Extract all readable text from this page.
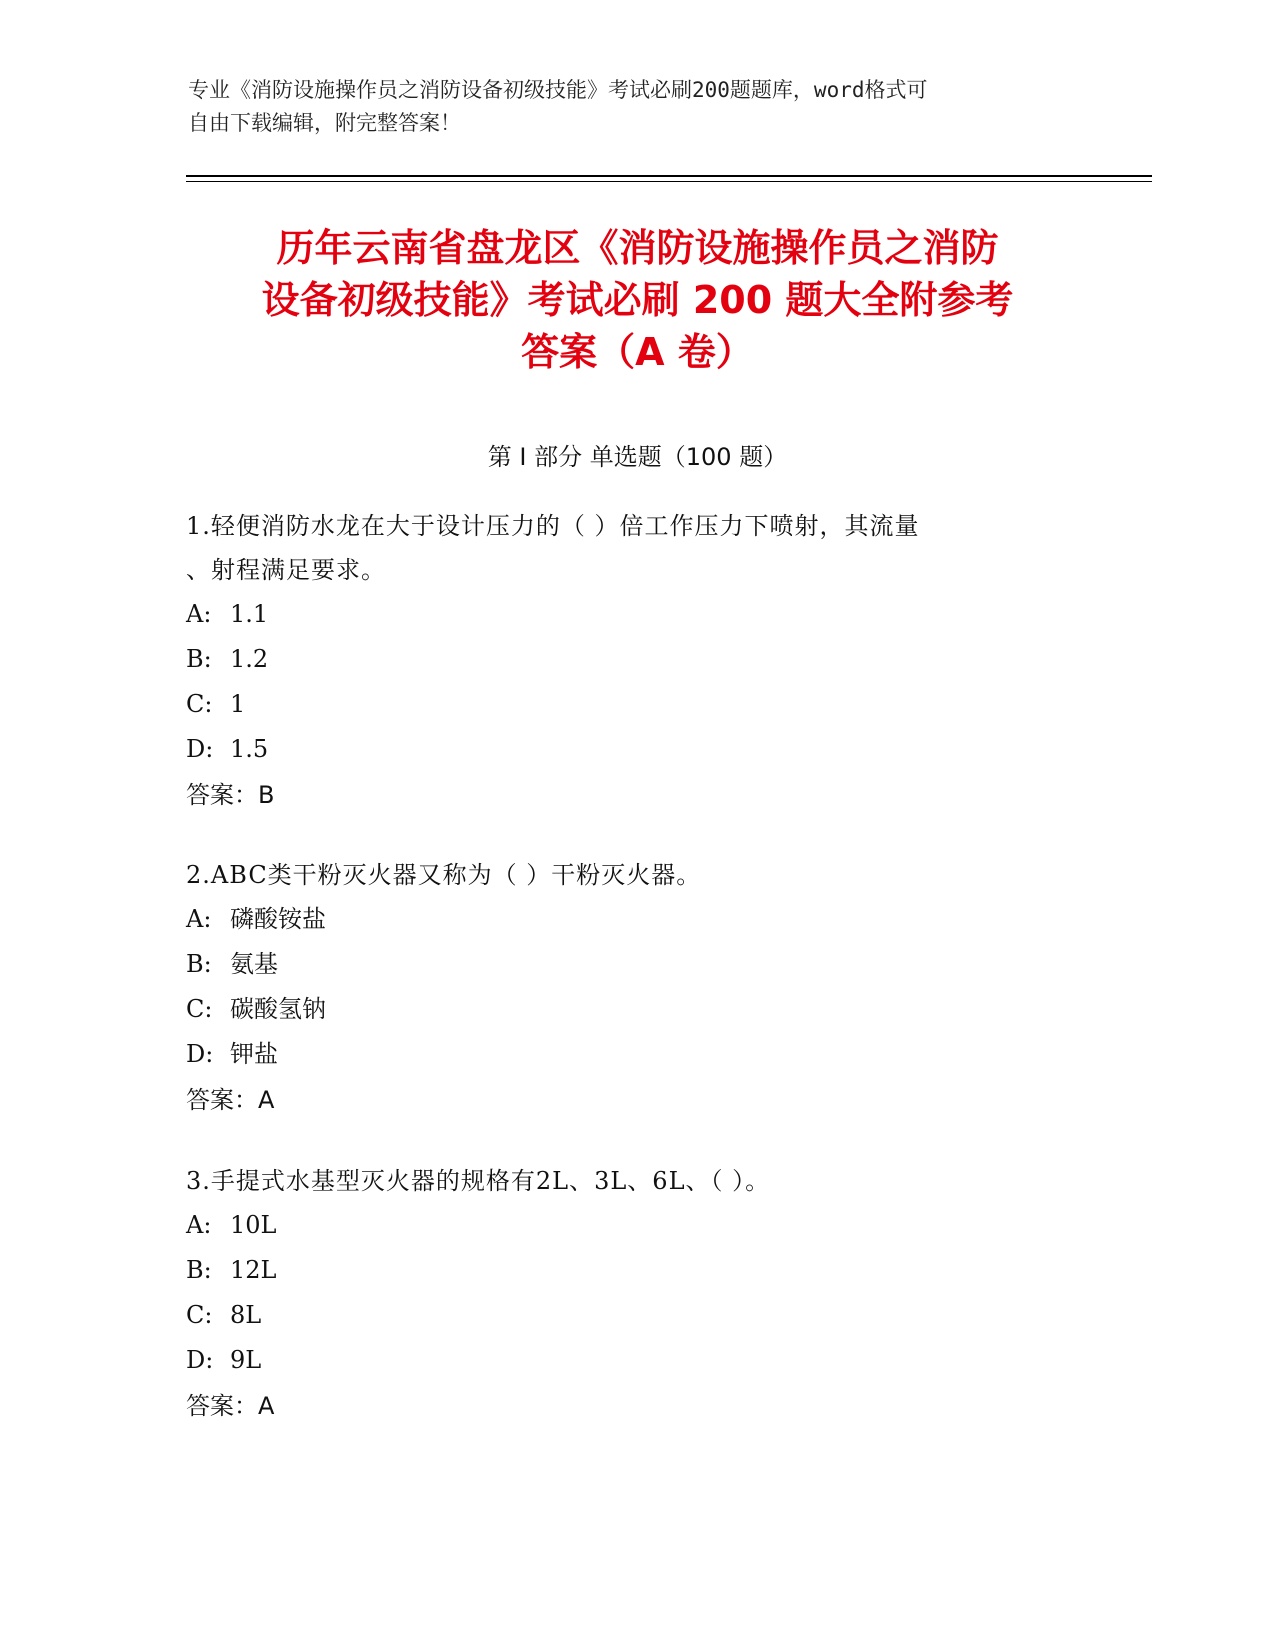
专业《消防设施操作员之消防设备初级技能》考试必刷200题题库，word格式可
自由下载编辑，附完整答案！
历年云南省盘龙区《消防设施操作员之消防
设备初级技能》考试必刷 200 题大全附参考
答案（A 卷）
第 I 部分 单选题（100 题）
1.轻便消防水龙在大于设计压力的（ ）倍工作压力下喷射，其流量
、射程满足要求。
A: 1.1
B: 1.2
C: 1
D: 1.5
答案：B
2.ABC类干粉灭火器又称为（ ）干粉灭火器。
A: 磷酸铵盐
B: 氨基
C: 碳酸氢钠
D: 钾盐
答案：A
3.手提式水基型灭火器的规格有2L、3L、6L、（ ）。
A: 10L
B: 12L
C: 8L
D: 9L
答案：A
